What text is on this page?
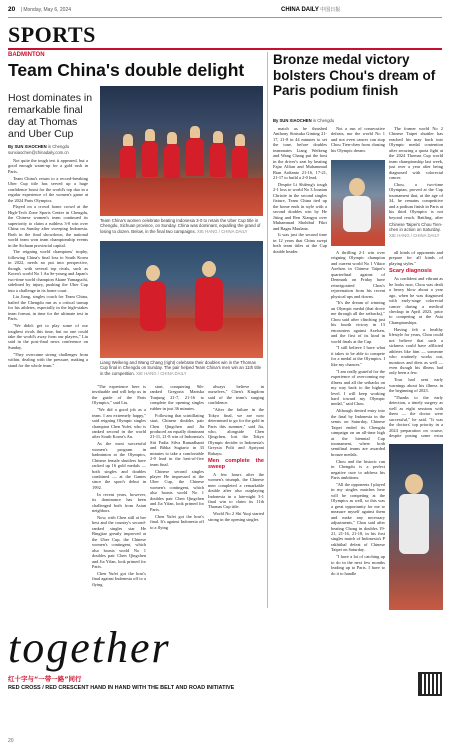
20 | Monday, May 6, 2024	CHINA DAILY 中国日报
SPORTS
BADMINTON
Team China's double delight
Host dominates in remarkable final day at Thomas and Uber Cup
By SUN XIAOCHEN in Chengdu
sunxiaochen@chinadaily.com.cn

Not quite the tough test it appeared, but a good enough warm-up for a gold rush in Paris.

Team China's return to a record-breaking Uber Cup title has served up a huge confidence boost for the world's top duo in a regular experience of the women's game at the 2024 Paris Olympics.

Played on a crowd home crowd at the High-Tech Zone Sports Center in Chengdu, the Chinese women's team continued its superiority to claim a ruthless 3-0 win over China on Sunday after sweeping Indonesia. Both in the final showdown, the national world team won team championship events in the Sichuan provincial capital.

The reigning world champions' trophy, following China's final loss to South Korea in 2022, needs no put into perspective, though, with several top rivals, such as Korea's world No 1 An Se-young and Japan's two-time world champion Akane Yamaguchi, sidelined by injury, pushing the Uber Cup into a challenge in its home court.

Liu Jiang, singles coach for Team China, hailed the Chengdu run as a critical turnup for his athletes, especially in the high-stakes team format, in time for the ultimate test in Paris.

"We didn't get to play some of our toughest rivals this time, but no one could take the world's away from our players," Liu said in the post-final news conference on Sunday.

"They overcame strong challenges from within, dealing with the pressure, making a stand for the whole team."

Team China's women celebrate beating Indonesia 3-0 to retain the Uber Cup title in Chengdu, Sichuan province, on Sunday. China was dominant, equalling the grand of losing to dozen. Below, in the final two campaigns. XIE HANG / CHINA DAILY
Liang Weikeng and Wang Chang (right) celebrate their doubles win in the Thomas Cup final in Chengdu on Sunday. The pair helped Team China's men win an 11th title in the competition. XIE HANG / CHINA DAILY

"The experience here is invaluable and will help us in the guide of the Paris Olympics," said Liu.

"We did a good job as a team. I am extremely happy," said reigning Olympic singles champion Chen Yufei, who is ranked second in the world after South Korea's An.

As the most successful women's program in badminton at the Olympics, Chinese female shuttlers have racked up 16 gold medals — both singles and doubles combined — at the Games since the sport's debut in 1992.

In recent years, however, its dominance has been challenged both from Asian neighbors.

Now, with Chen still at her best and the country's second-ranked singles star He Bingjiao greatly improved at the Uber Cup, the Chinese women's contingent, which also boasts world No 1 doubles pair Chen Qingchen and Jia Yifan, look primed for Paris.

Chen Yufei got the host's final against Indonesia off to a flying

start, conquering 9th-ranked Gregoria Mariska Tunjung 21-7, 21-16 to complete the opening singles rubber in just 36 minutes.

Following that scintillating start, Chinese doubles pair Chen Qingchen and Jia produced an equally dominant 21-11, 21-8 win of Indonesia's Siti Fadia Silva Ramadhanti and Ribka Sugiarto in 33 minutes to take a comfortable 2-0 lead in the best-of-five team final.

Chinese second singles player He impressed at the Uber Cup, the Chinese women's contingent, which also boasts world No 1 doubles pair Chen Qingchen and Jia Yifan, look primed for Paris.

Chen Yufei got the host's final. It's against Indonesia off to a flying

always believe in ourselves," Chen's Kingdom said of the team's surging confidence.

"After the failure in the Tokyo final, we are now determined to go for the gold in Paris this summer," said Jia, who, alongside Chen Qingchen, lost the Tokyo Olympic decider to Indonesia's Greysia Polii and Apriyani Rahayu.

Men complete the sweep

A few hours after the women's triumph, the Chinese men completed a remarkable double after also outplaying Indonesia in a late-night 3-1 final win to claim its 11th Thomas Cup title.

World No 2 Shi Yuqi started strong in the opening singles

Bronze medal victory bolsters Chou's dream of Paris podium finish
By SUN XIAOCHEN in Chengdu

match as he thrashed Anthony Sinisuka Ginting 21-17, 21-8 in 44 minutes to set the tone, before doubles teammates Liang Weikeng and Wang Chang put the host in the driver's seat by beating Fajar Alfian and Muhammad Rian Ardianto 21-16, 17-21, 21-17 to build a 2-0 lead.

Despite Li Shifeng's tough 2-1 loss to world No 3 Jonatan Christie in the second singles fixture, Team China tied up the home ends in style with a second doubles win by He Jiting and Ren Xiangyu over Muhammad Shohibul Fikri and Bagas Maulana.

It was just the second time in 12 years that China swept both team titles at the Cup double header.

Not a run of consecutive defeats, nor the world No 1 and not even cancer can stop Chou Tien-chen from chasing his Olympic dream.

Chinese Taipei's Chou Tien-chen in action on Saturday. XIE HANG / CHINA DAILY

The former world No 2 Chinese Taipei shuttler has reached his may back into Olympic medal contention after securing a quota fight at the 2024 Thomas Cup world team championship last week, just over a year after being diagnosed with colorectal cancer.

Chou, a two-time Olympian, proved at the Cup tournament that, at the age of 34, he remains competitive and a podium finish in Paris at his third Olympics is not beyond reach. Battling, after

A thrilling 2-1 win over reigning Olympic champion and current world No 1 Viktor Axelsen in Chinese Taipei's quarterfinal against of Denmark on Friday have reinvigorated Chou's rejuvenation from his recent physical ups and downs.

"It's the dream of winning an Olympic medal (that drove me through all the setbacks)," Chou said after clinching just his fourth victory in 13 encounters against Axelsen, and the first of its kind in world finals at the Cup.

"I still believe I have what it takes to be able to compete for a medal at the Olympics. I like my chances."

"I am really grateful for the experience of overcoming my illness and all the setbacks on my way back to the highest level. I will keep working hard toward my Olympic medal," said Chou.

Although denied entry into the final by Indonesia in the semis on Saturday, Chinese Taipei ended its Chengdu campaign on an all-time high at the biennial Cup tournament, where both semifinal teams are awarded bronze medals.

Chou and the historic run in Chengdu is a perfect negative cure to address his Paris ambitions.

"All the opponents I played in my singles matches here will be competing at the Olympics as well, so this was a great opportunity for me to measure myself against them and make any necessary adjustments," Chou said after beating Chong in doubles 19-21, 21-16, 21-18, in his first singles match of Indonesia's P rakhtihal defeat of Chinese Taipei on Saturday.

"I have a lot of catching up to do in the next few months leading up to Paris. I have to do it to handle

all kinds of opponents and prepare for all kinds of playing styles."

Scary diagnosis

As confident and vibrant as he looks now, Chou was dealt a heavy blow about a year ago, when he was diagnosed with early-stage colorectal cancer during a medical checkup in April 2023, prior to competing at the Asia Championships.

Having felt a healthy lifestyle for years, Chou could not believe that such a sickness could have afflicted athletes like him — someone who routinely works out, monitors and diets as well — even though his illness had only been a few.

Tour had sent early warnings about his illness in the beginning of 2023.

"Thanks to the early detection, a timely surgery as well as eight sessions with them — the doctor were successful," he said. "It was the doctors' top priority in a 2024 preparation on course, despite posing some extra

together
红十字与“一带一路”同行
RED CROSS / RED CRESCENT HAND IN HAND WITH THE BELT AND ROAD INITIATIVE
20
